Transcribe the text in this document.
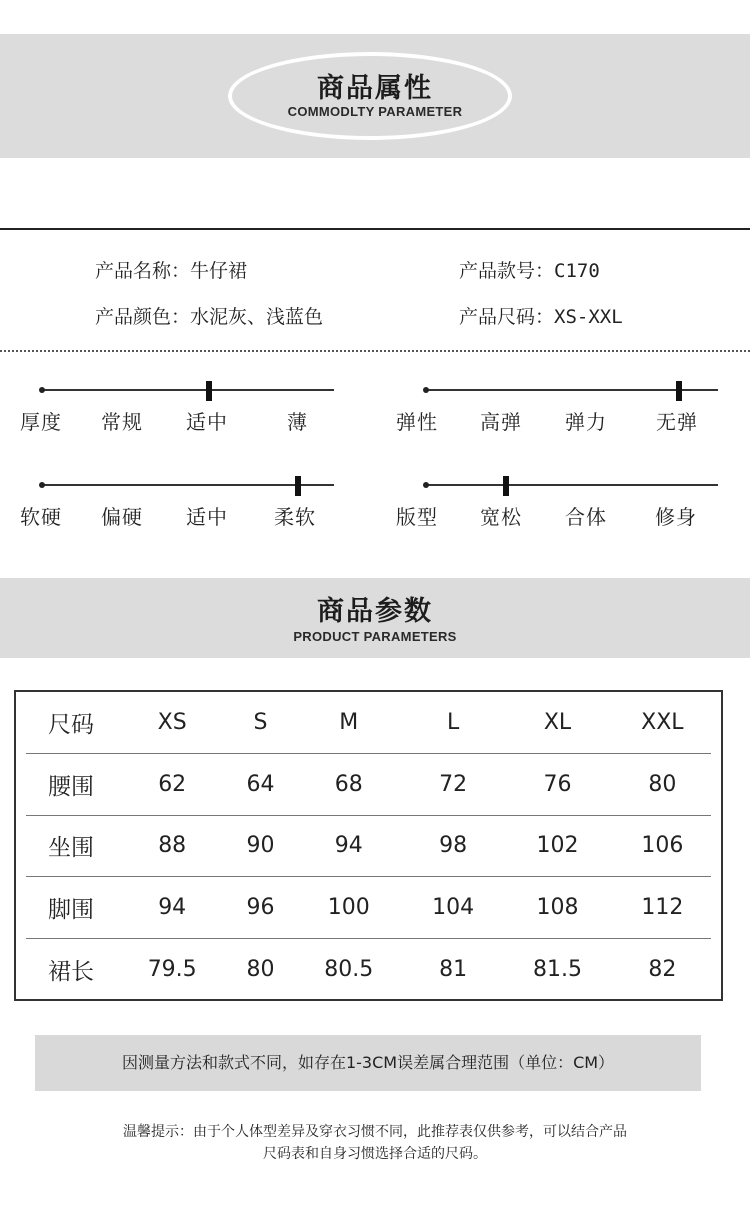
商品属性
COMMODLTY PARAMETER
产品名称：牛仔裙	产品款号：C170
产品颜色：水泥灰、浅蓝色	产品尺码：XS-XXL
厚度 常规 适中	薄	弹性 高弹 弹力 无弹
软硬 偏硬 适中 柔软	版型 宽松 合体 修身
商品参数
PRODUCT PARAMETERS
尺码	XS	S	M	L	XL	XXL
腰围	62	64	68	72	76	80
坐围	88	90	94	98	102	106
脚围	94	96	100	104	108	112
裙长	79.5	80	80.5	81	81.5	82
因测量方法和款式不同，如存在1-3CM误差属合理范围（单位：CM）
温馨提示：由于个人体型差异及穿衣习惯不同，此推荐表仅供参考，可以结合产品
尺码表和自身习惯选择合适的尺码。
